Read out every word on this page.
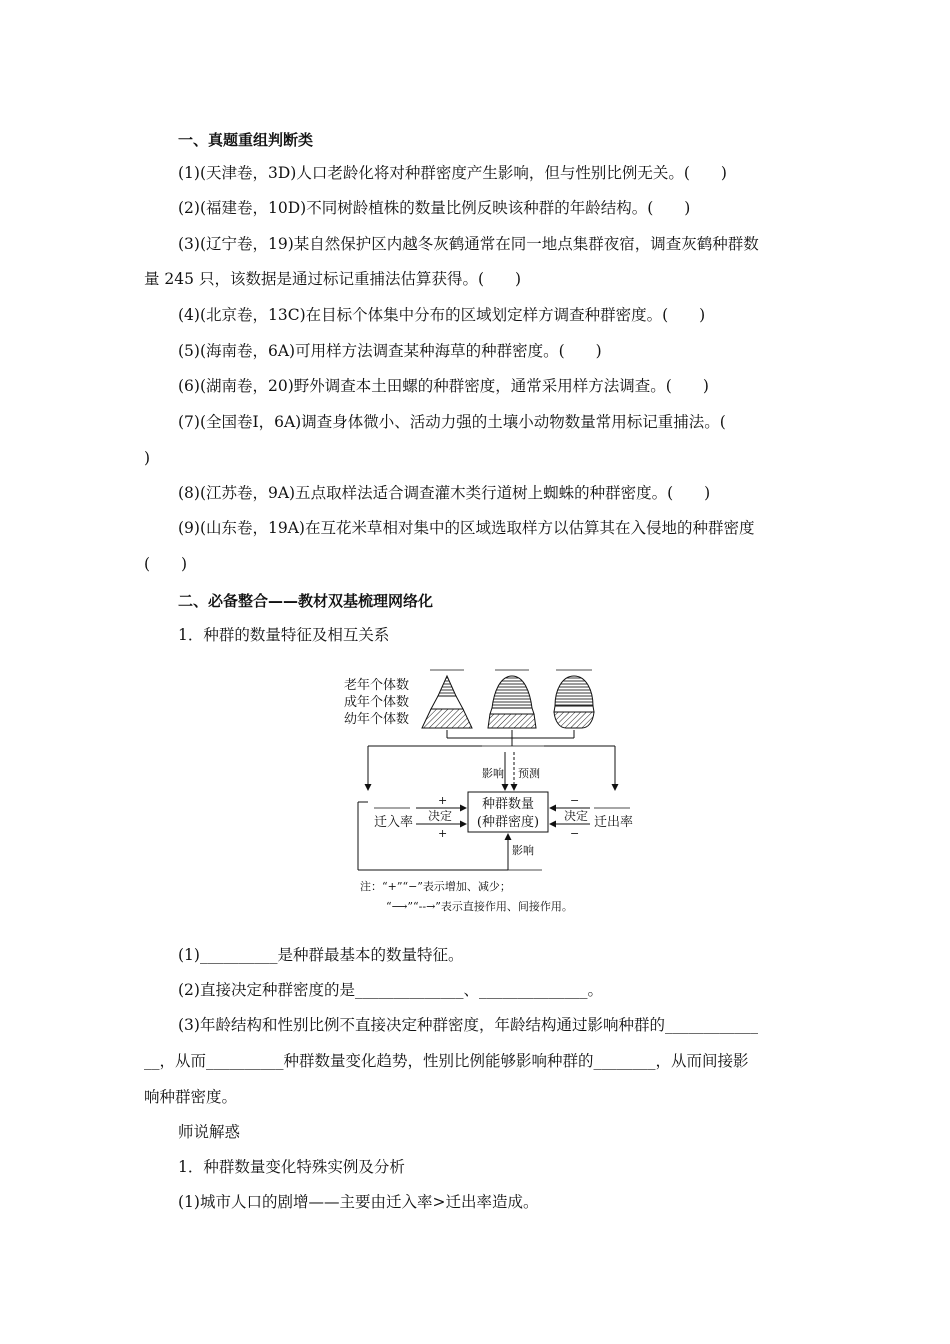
一、真题重组判断类
(1)(天津卷，3D)人口老龄化将对种群密度产生影响，但与性别比例无关。(　　)
(2)(福建卷，10D)不同树龄植株的数量比例反映该种群的年龄结构。(　　)
(3)(辽宁卷，19)某自然保护区内越冬灰鹤通常在同一地点集群夜宿，调查灰鹤种群数
量 245 只，该数据是通过标记重捕法估算获得。(　　)
(4)(北京卷，13C)在目标个体集中分布的区域划定样方调查种群密度。(　　)
(5)(海南卷，6A)可用样方法调查某种海草的种群密度。(　　)
(6)(湖南卷，20)野外调查本土田螺的种群密度，通常采用样方法调查。(　　)
(7)(全国卷Ⅰ，6A)调查身体微小、活动力强的土壤小动物数量常用标记重捕法。(
)
(8)(江苏卷，9A)五点取样法适合调查灌木类行道树上蜘蛛的种群密度。(　　)
(9)(山东卷，19A)在互花米草相对集中的区域选取样方以估算其在入侵地的种群密度
(　　)
二、必备整合——教材双基梳理网络化
1．种群的数量特征及相互关系
老年个体数
成年个体数
幼年个体数
影响 预测
种群数量
(种群密度)
迁入率
+
决定
+
迁出率
−
决定
−
影响
注：“+”“−”表示增加、减少；
“⟶”“--→”表示直接作用、间接作用。
(1)__________是种群最基本的数量特征。
(2)直接决定种群密度的是______________、______________。
(3)年龄结构和性别比例不直接决定种群密度，年龄结构通过影响种群的____________
__，从而__________种群数量变化趋势，性别比例能够影响种群的________，从而间接影
响种群密度。
师说解惑
1．种群数量变化特殊实例及分析
(1)城市人口的剧增——主要由迁入率>迁出率造成。
